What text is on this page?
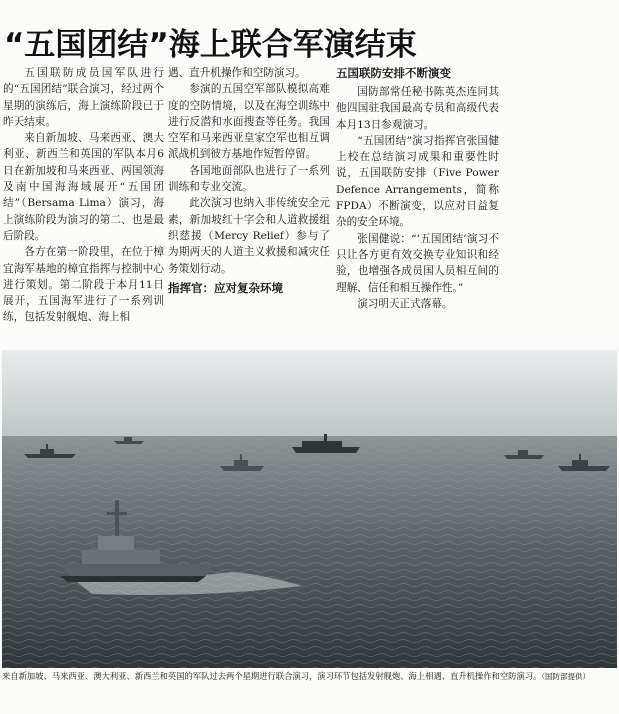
“五国团结”海上联合军演结束

五国联防成员国军队进行的“五国团结”联合演习，经过两个星期的演练后，海上演练阶段已于昨天结束。

来自新加坡、马来西亚、澳大利亚、新西兰和英国的军队本月6日在新加坡和马来西亚、两国领海及南中国海海域展开“五国团结”（Bersama Lima）演习，海上演练阶段为演习的第二、也是最后阶段。

各方在第一阶段里，在位于樟宜海军基地的樟宜指挥与控制中心进行策划。第二阶段于本月11日展开，五国海军进行了一系列训练，包括发射舰炮、海上相

遇、直升机操作和空防演习。

参演的五国空军部队模拟高难度的空防情境，以及在海空训练中进行反潜和水面搜查等任务。我国空军和马来西亚皇家空军也相互调派战机到彼方基地作短暂停留。

各国地面部队也进行了一系列训练和专业交流。

此次演习也纳入非传统安全元素，新加坡红十字会和人道救援组织慈援（Mercy Relief）参与了为期两天的人道主义救援和减灾任务策划行动。

指挥官：应对复杂环境
五国联防安排不断演变

国防部常任秘书陈英杰连同其他四国驻我国最高专员和高级代表本月13日参观演习。

“五国团结”演习指挥官张国健上校在总结演习成果和重要性时说，五国联防安排（Five Power Defence Arrangements，简称FPDA）不断演变，以应对日益复杂的安全环境。

张国健说：“‘五国团结’演习不只让各方更有效交换专业知识和经验，也增强各成员国人员相互间的理解、信任和相互操作性。”

演习明天正式落幕。

来自新加坡、马来西亚、澳大利亚、新西兰和英国的军队过去两个星期进行联合演习，演习环节包括发射舰炮、海上相遇、直升机操作和空防演习。（国防部提供）
